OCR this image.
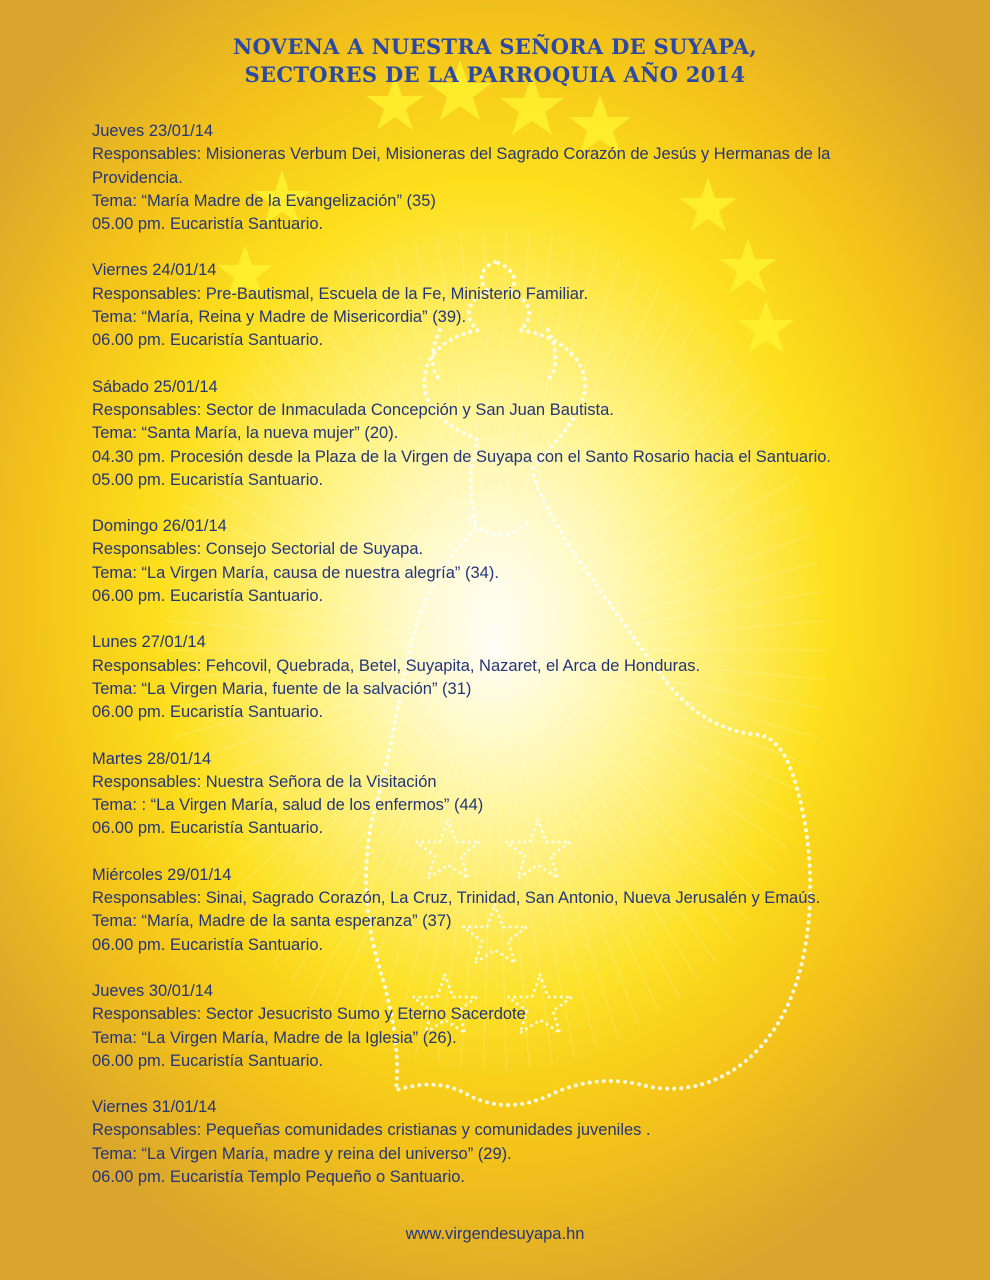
NOVENA A NUESTRA SEÑORA DE SUYAPA,
SECTORES DE LA PARROQUIA AÑO 2014
Jueves 23/01/14
Responsables: Misioneras Verbum Dei, Misioneras del Sagrado Corazón de Jesús y Hermanas de la
Providencia.
Tema: “María Madre de la Evangelización” (35)
05.00 pm. Eucaristía Santuario.
Viernes 24/01/14
Responsables: Pre-Bautismal, Escuela de la Fe, Ministerio Familiar.
Tema: “María, Reina y Madre de Misericordia” (39).
06.00 pm. Eucaristía Santuario.
Sábado 25/01/14
Responsables: Sector de Inmaculada Concepción y San Juan Bautista.
Tema: “Santa María, la nueva mujer” (20).
04.30 pm. Procesión desde la Plaza de la Virgen de Suyapa con el Santo Rosario hacia el Santuario.
05.00 pm. Eucaristía Santuario.
Domingo 26/01/14
Responsables: Consejo Sectorial de Suyapa.
Tema: “La Virgen María, causa de nuestra alegría” (34).
06.00 pm. Eucaristía Santuario.
Lunes 27/01/14
Responsables: Fehcovil, Quebrada, Betel, Suyapita, Nazaret, el Arca de Honduras.
Tema: “La Virgen Maria, fuente de la salvación” (31)
06.00 pm. Eucaristía Santuario.
Martes 28/01/14
Responsables: Nuestra Señora de la Visitación
Tema: : “La Virgen María, salud de los enfermos” (44)
06.00 pm. Eucaristía Santuario.
Miércoles 29/01/14
Responsables: Sinai, Sagrado Corazón, La Cruz, Trinidad, San Antonio, Nueva Jerusalén y Emaús.
Tema: “María, Madre de la santa esperanza” (37)
06.00 pm. Eucaristía Santuario.
Jueves 30/01/14
Responsables: Sector Jesucristo Sumo y Eterno Sacerdote
Tema: “La Virgen María, Madre de la Iglesia” (26).
06.00 pm. Eucaristía Santuario.
Viernes 31/01/14
Responsables: Pequeñas comunidades cristianas y comunidades juveniles .
Tema: “La Virgen María, madre y reina del universo” (29).
06.00 pm. Eucaristía Templo Pequeño o Santuario.
www.virgendesuyapa.hn
